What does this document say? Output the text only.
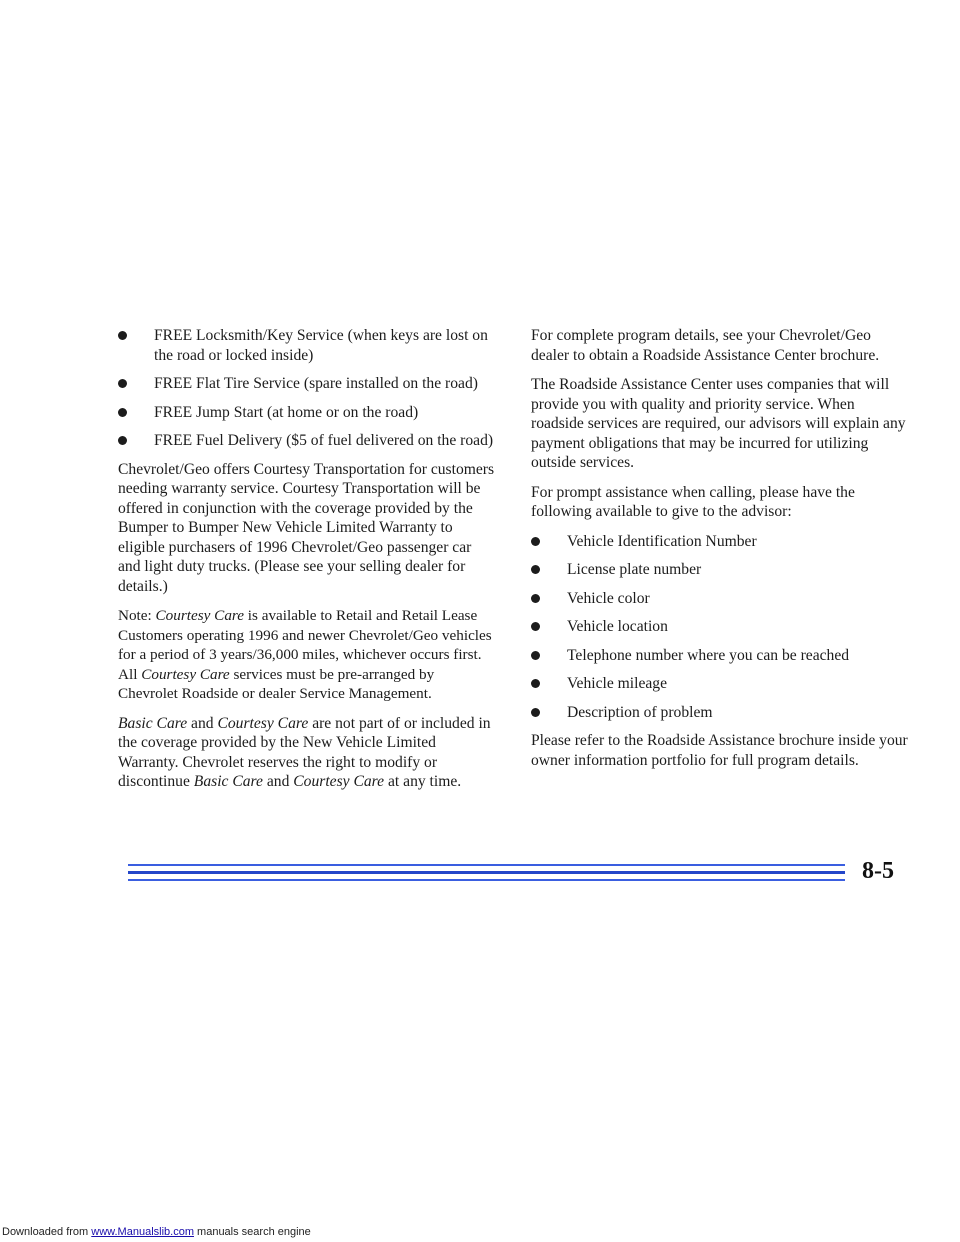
FREE Locksmith/Key Service (when keys are lost on the road or locked inside)
FREE Flat Tire Service (spare installed on the road)
FREE Jump Start (at home or on the road)
FREE Fuel Delivery ($5 of fuel delivered on the road)

Chevrolet/Geo offers Courtesy Transportation for customers needing warranty service. Courtesy Transportation will be offered in conjunction with the coverage provided by the Bumper to Bumper New Vehicle Limited Warranty to eligible purchasers of 1996 Chevrolet/Geo passenger car and light duty trucks. (Please see your selling dealer for details.)

Note: Courtesy Care is available to Retail and Retail Lease Customers operating 1996 and newer Chevrolet/Geo vehicles for a period of 3 years/36,000 miles, whichever occurs first. All Courtesy Care services must be pre-arranged by Chevrolet Roadside or dealer Service Management.

Basic Care and Courtesy Care are not part of or included in the coverage provided by the New Vehicle Limited Warranty. Chevrolet reserves the right to modify or discontinue Basic Care and Courtesy Care at any time.

For complete program details, see your Chevrolet/Geo dealer to obtain a Roadside Assistance Center brochure.

The Roadside Assistance Center uses companies that will provide you with quality and priority service. When roadside services are required, our advisors will explain any payment obligations that may be incurred for utilizing outside services.

For prompt assistance when calling, please have the following available to give to the advisor:

Vehicle Identification Number
License plate number
Vehicle color
Vehicle location
Telephone number where you can be reached
Vehicle mileage
Description of problem

Please refer to the Roadside Assistance brochure inside your owner information portfolio for full program details.

8-5
Downloaded from www.Manualslib.com manuals search engine
